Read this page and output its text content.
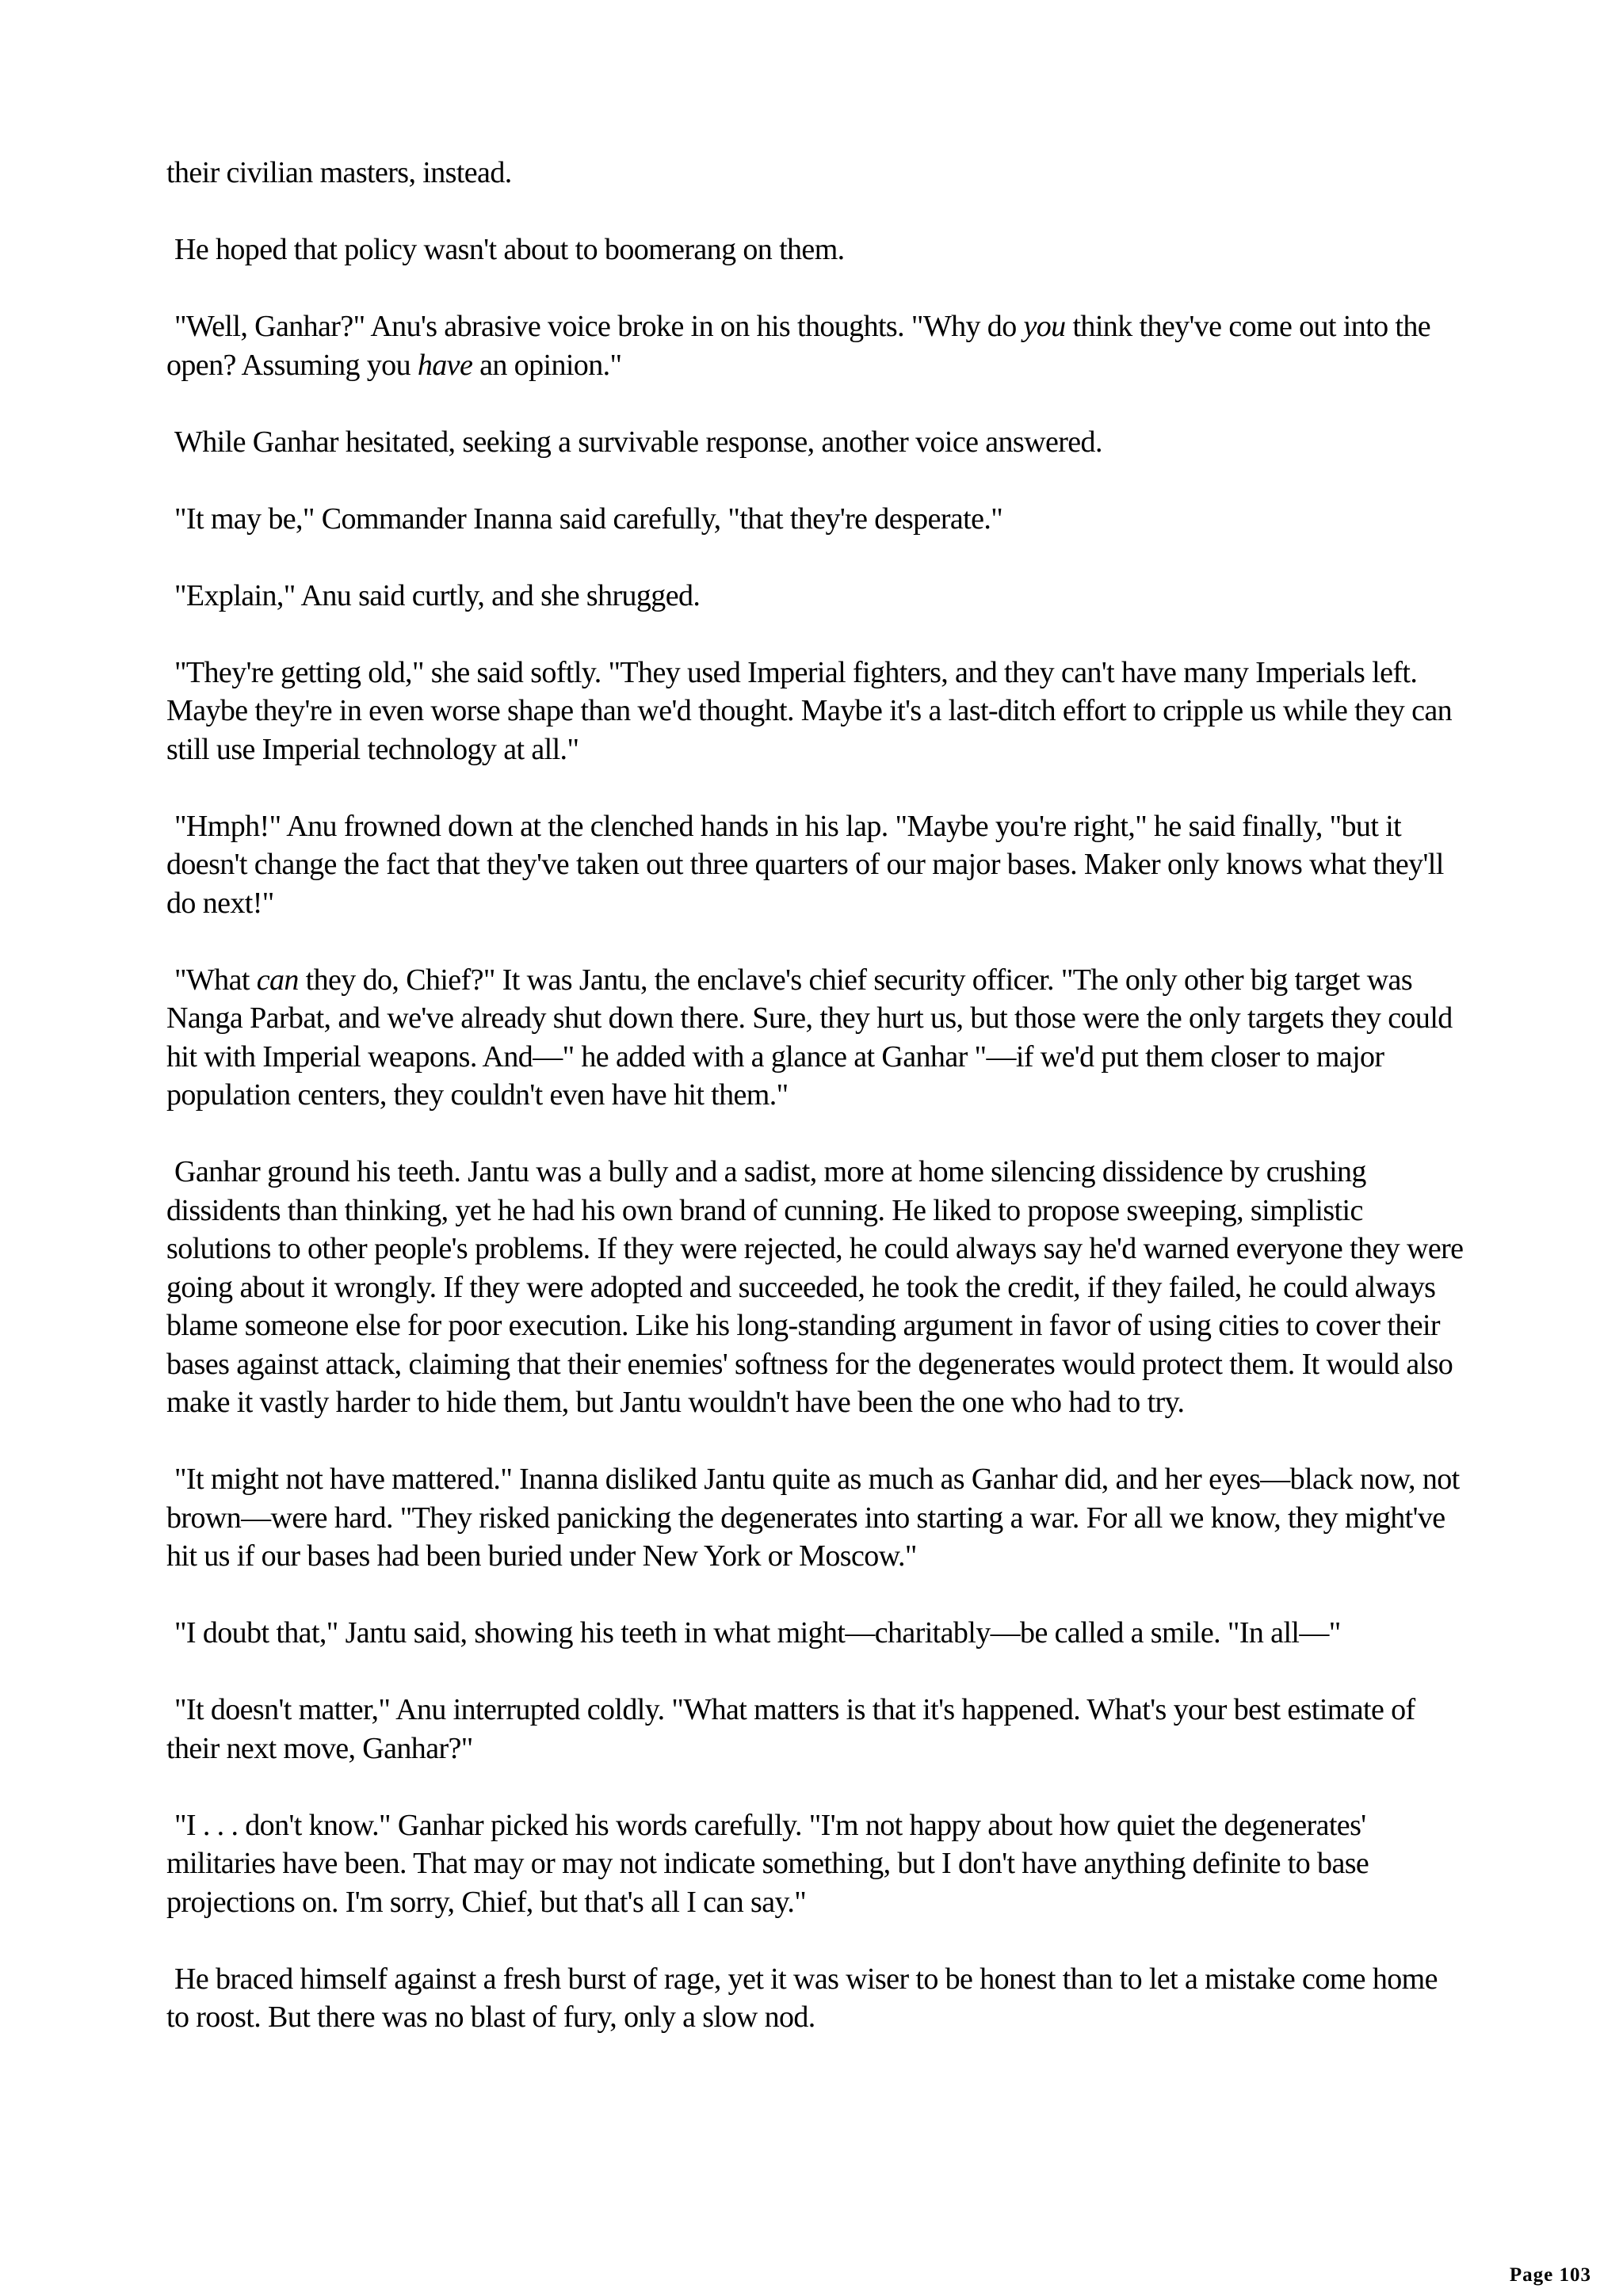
their civilian masters, instead.

He hoped that policy wasn't about to boomerang on them.

"Well, Ganhar?" Anu's abrasive voice broke in on his thoughts. "Why do you think they've come out into the open? Assuming you have an opinion."

While Ganhar hesitated, seeking a survivable response, another voice answered.

"It may be," Commander Inanna said carefully, "that they're desperate."

"Explain," Anu said curtly, and she shrugged.

"They're getting old," she said softly. "They used Imperial fighters, and they can't have many Imperials left. Maybe they're in even worse shape than we'd thought. Maybe it's a last-ditch effort to cripple us while they can still use Imperial technology at all."

"Hmph!" Anu frowned down at the clenched hands in his lap. "Maybe you're right," he said finally, "but it doesn't change the fact that they've taken out three quarters of our major bases. Maker only knows what they'll do next!"

"What can they do, Chief?" It was Jantu, the enclave's chief security officer. "The only other big target was Nanga Parbat, and we've already shut down there. Sure, they hurt us, but those were the only targets they could hit with Imperial weapons. And—" he added with a glance at Ganhar "—if we'd put them closer to major population centers, they couldn't even have hit them."

Ganhar ground his teeth. Jantu was a bully and a sadist, more at home silencing dissidence by crushing dissidents than thinking, yet he had his own brand of cunning. He liked to propose sweeping, simplistic solutions to other people's problems. If they were rejected, he could always say he'd warned everyone they were going about it wrongly. If they were adopted and succeeded, he took the credit, if they failed, he could always blame someone else for poor execution. Like his long-standing argument in favor of using cities to cover their bases against attack, claiming that their enemies' softness for the degenerates would protect them. It would also make it vastly harder to hide them, but Jantu wouldn't have been the one who had to try.

"It might not have mattered." Inanna disliked Jantu quite as much as Ganhar did, and her eyes—black now, not brown—were hard. "They risked panicking the degenerates into starting a war. For all we know, they might've hit us if our bases had been buried under New York or Moscow."

"I doubt that," Jantu said, showing his teeth in what might—charitably—be called a smile. "In all—"

"It doesn't matter," Anu interrupted coldly. "What matters is that it's happened. What's your best estimate of their next move, Ganhar?"

"I . . . don't know." Ganhar picked his words carefully. "I'm not happy about how quiet the degenerates' militaries have been. That may or may not indicate something, but I don't have anything definite to base projections on. I'm sorry, Chief, but that's all I can say."

He braced himself against a fresh burst of rage, yet it was wiser to be honest than to let a mistake come home to roost. But there was no blast of fury, only a slow nod.

Page 103
